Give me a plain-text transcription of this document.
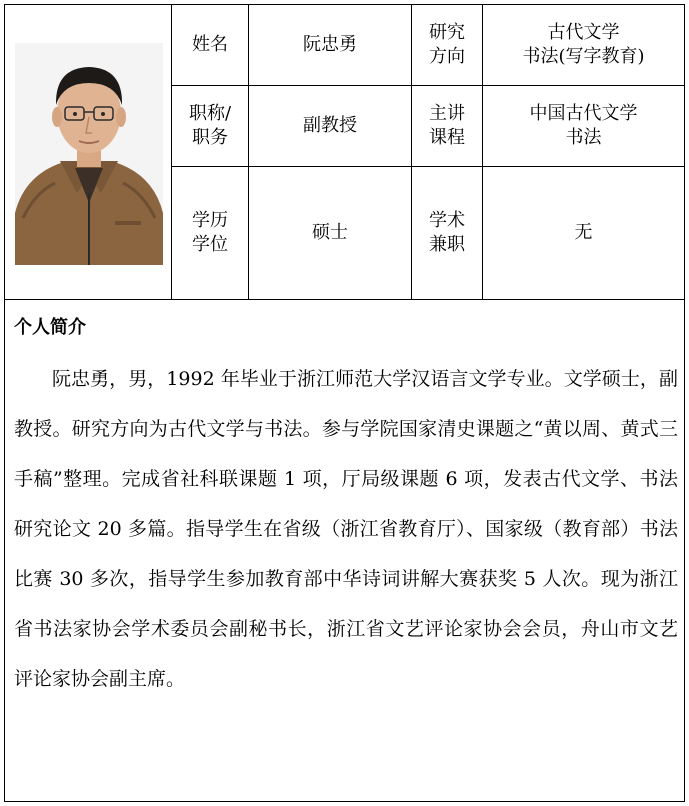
姓名	阮忠勇
研究
方向
古代文学
书法(写字教育)
职称/
职务
副教授
主讲
课程
中国古代文学
书法
学历
学位
硕士
学术
兼职
无
个人简介
阮忠勇，男，1992 年毕业于浙江师范大学汉语言文学专业。文学硕士，副教授。研究方向为古代文学与书法。参与学院国家清史课题之“黄以周、黄式三手稿”整理。完成省社科联课题 1 项，厅局级课题 6 项，发表古代文学、书法研究论文 20 多篇。指导学生在省级（浙江省教育厅）、国家级（教育部）书法比赛 30 多次，指导学生参加教育部中华诗词讲解大赛获奖 5 人次。现为浙江省书法家协会学术委员会副秘书长，浙江省文艺评论家协会会员，舟山市文艺评论家协会副主席。
